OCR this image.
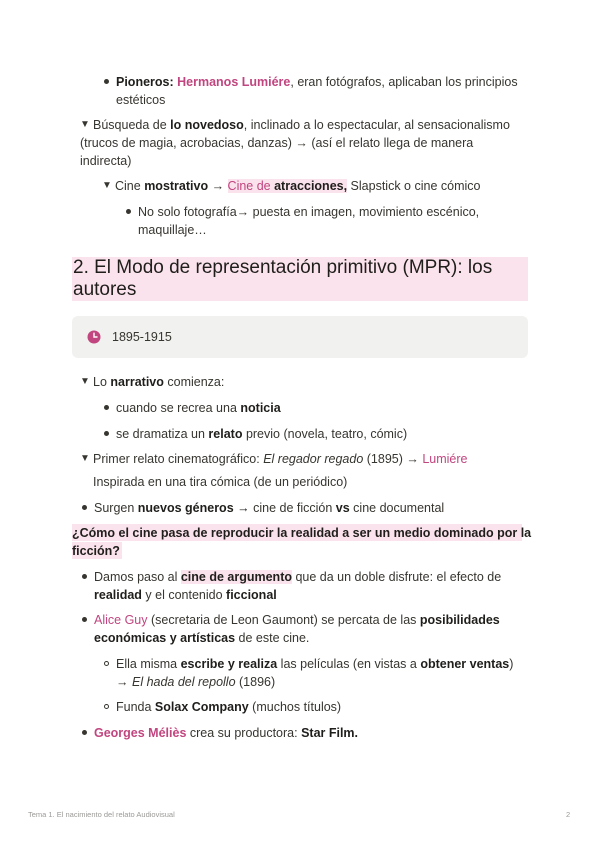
Pioneros: Hermanos Lumiére, eran fotógrafos, aplicaban los principios
estéticos
▼ Búsqueda de lo novedoso, inclinado a lo espectacular, al sensacionalismo
(trucos de magia, acrobacias, danzas) → (así el relato llega de manera
indirecta)
▼ Cine mostrativo → Cine de atracciones, Slapstick o cine cómico
No solo fotografía→ puesta en imagen, movimiento escénico,
maquillaje…
2. El Modo de representación primitivo (MPR): los
autores
1895-1915
▼ Lo narrativo comienza:
cuando se recrea una noticia
se dramatiza un relato previo (novela, teatro, cómic)
▼ Primer relato cinematográfico: El regador regado (1895) → Lumiére
Inspirada en una tira cómica (de un periódico)
Surgen nuevos géneros → cine de ficción vs cine documental
¿Cómo el cine pasa de reproducir la realidad a ser un medio dominado por la
ficción?
Damos paso al cine de argumento que da un doble disfrute: el efecto de
realidad y el contenido ficcional
Alice Guy (secretaria de Leon Gaumont) se percata de las posibilidades
económicas y artísticas de este cine.
Ella misma escribe y realiza las películas (en vistas a obtener ventas)
→ El hada del repollo (1896)
Funda Solax Company (muchos títulos)
Georges Méliès crea su productora: Star Film.
Tema 1. El nacimiento del relato Audiovisual	2
